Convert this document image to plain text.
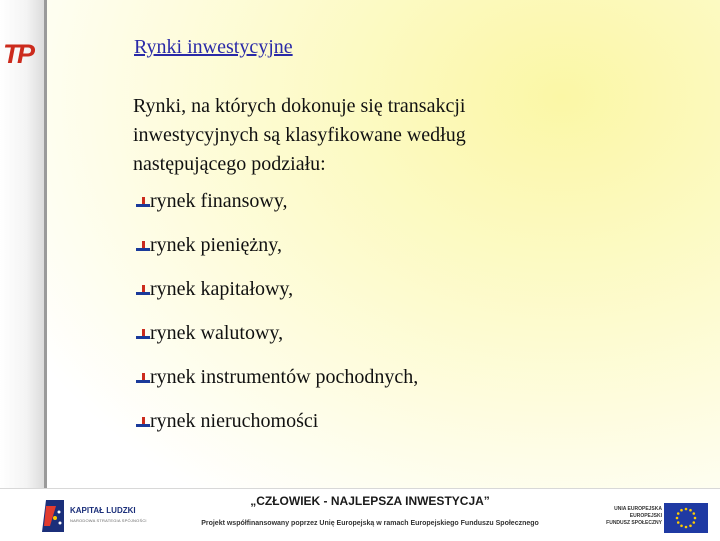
T
P	Rynki inwestycyjne
Rynki, na których dokonuje się transakcji inwestycyjnych są klasyfikowane według następującego podziału:
rynek finansowy,
rynek pieniężny,
rynek kapitałowy,
rynek walutowy,
rynek instrumentów pochodnych,
rynek nieruchomości
KAPITAŁ LUDZKI
NARODOWA STRATEGIA SPÓJNOŚCI
„CZŁOWIEK - NAJLEPSZA INWESTYCJA”
Projekt współfinansowany poprzez Unię Europejską w ramach Europejskiego Funduszu Społecznego
UNIA EUROPEJSKA
EUROPEJSKI
FUNDUSZ SPOŁECZNY
